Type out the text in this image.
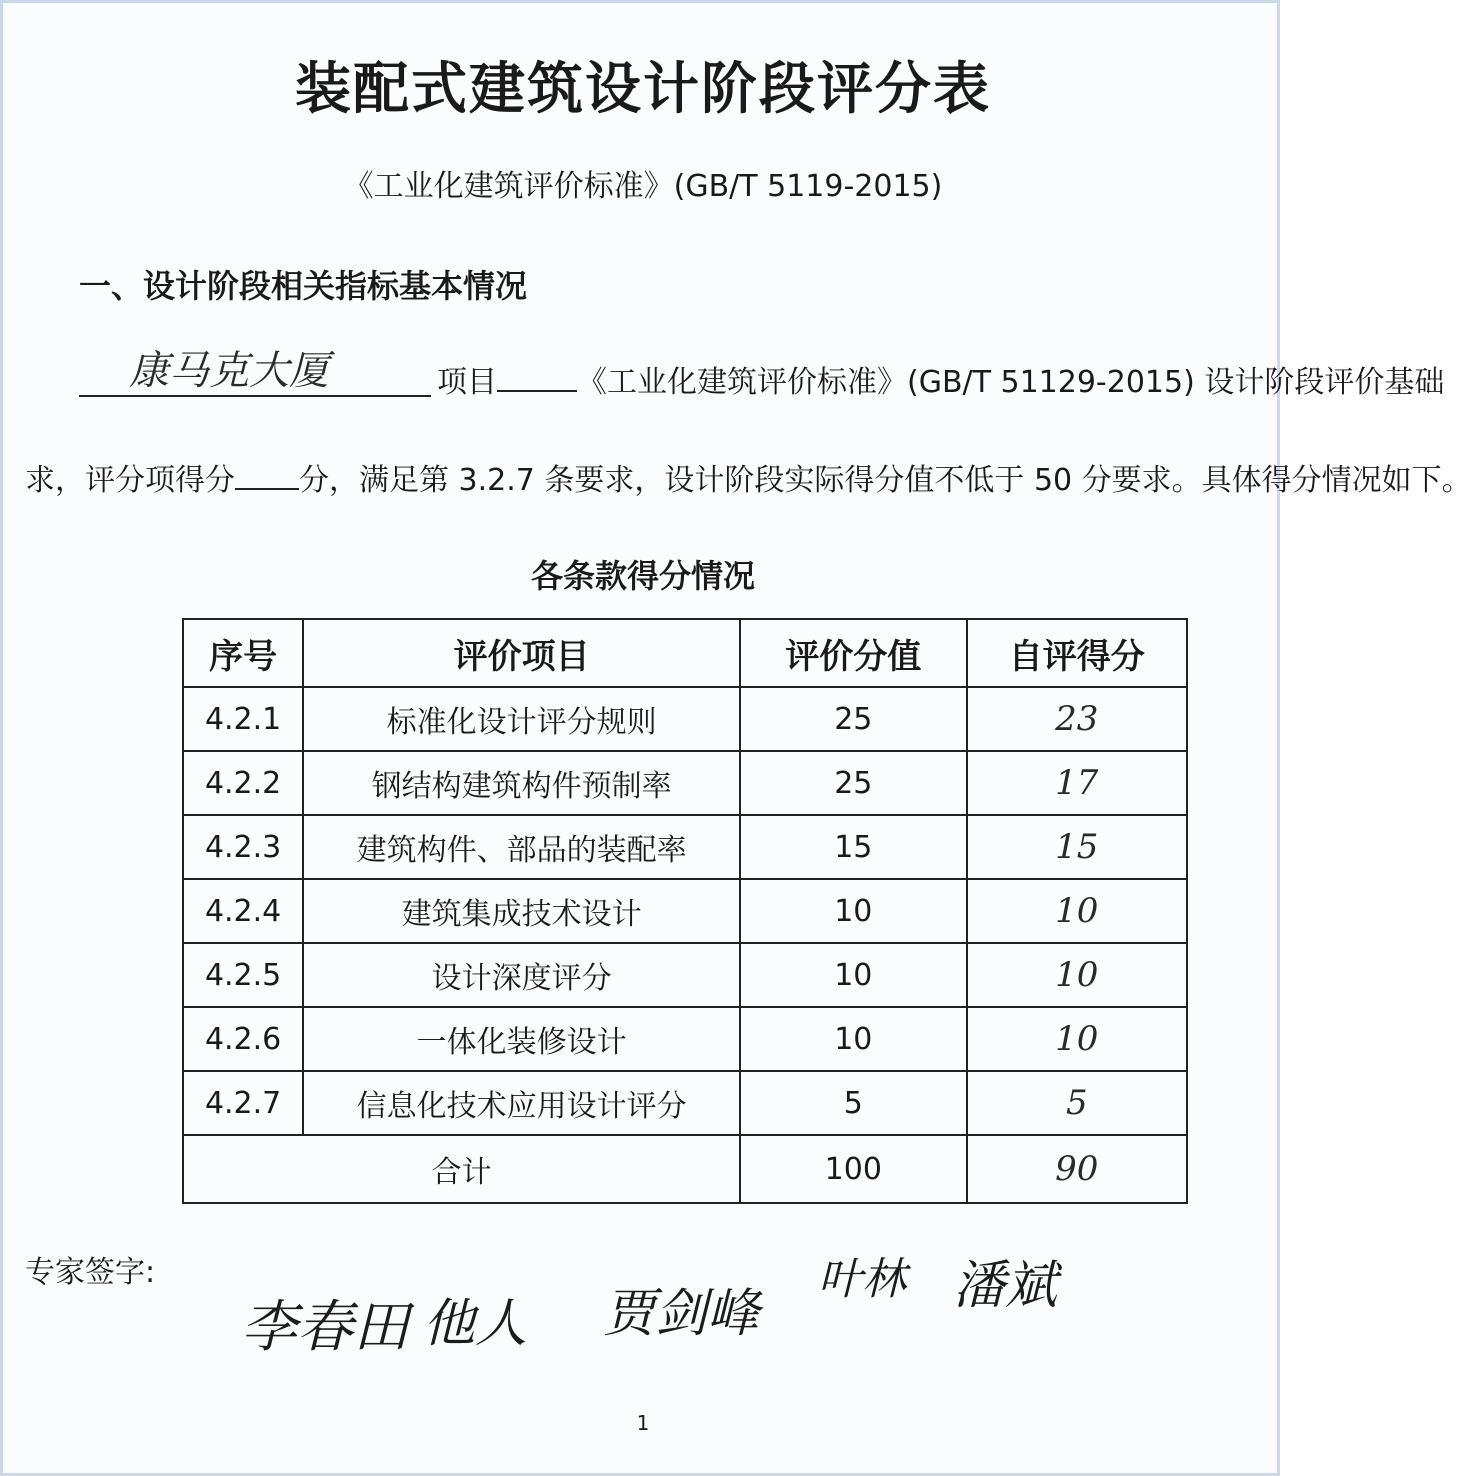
装配式建筑设计阶段评分表
《工业化建筑评价标准》(GB/T 5119-2015)
一、设计阶段相关指标基本情况
康马克大厦	项目	《工业化建筑评价标准》(GB/T 51129-2015) 设计阶段评价基础
求，评分项得分 分，满足第 3.2.7 条要求，设计阶段实际得分值不低于 50 分要求。具体得分情况如下。
各条款得分情况
序号	评价项目	评价分值	自评得分
4.2.1	标准化设计评分规则	25	23
4.2.2	钢结构建筑构件预制率	25	17
4.2.3	建筑构件、部品的装配率	15	15
4.2.4	建筑集成技术设计	10	10
4.2.5	设计深度评分	10	10
4.2.6	一体化装修设计	10	10
4.2.7	信息化技术应用设计评分	5	5
合计		100	90
专家签字:
李春田 他人 贾剑峰
叶林 潘斌
1
